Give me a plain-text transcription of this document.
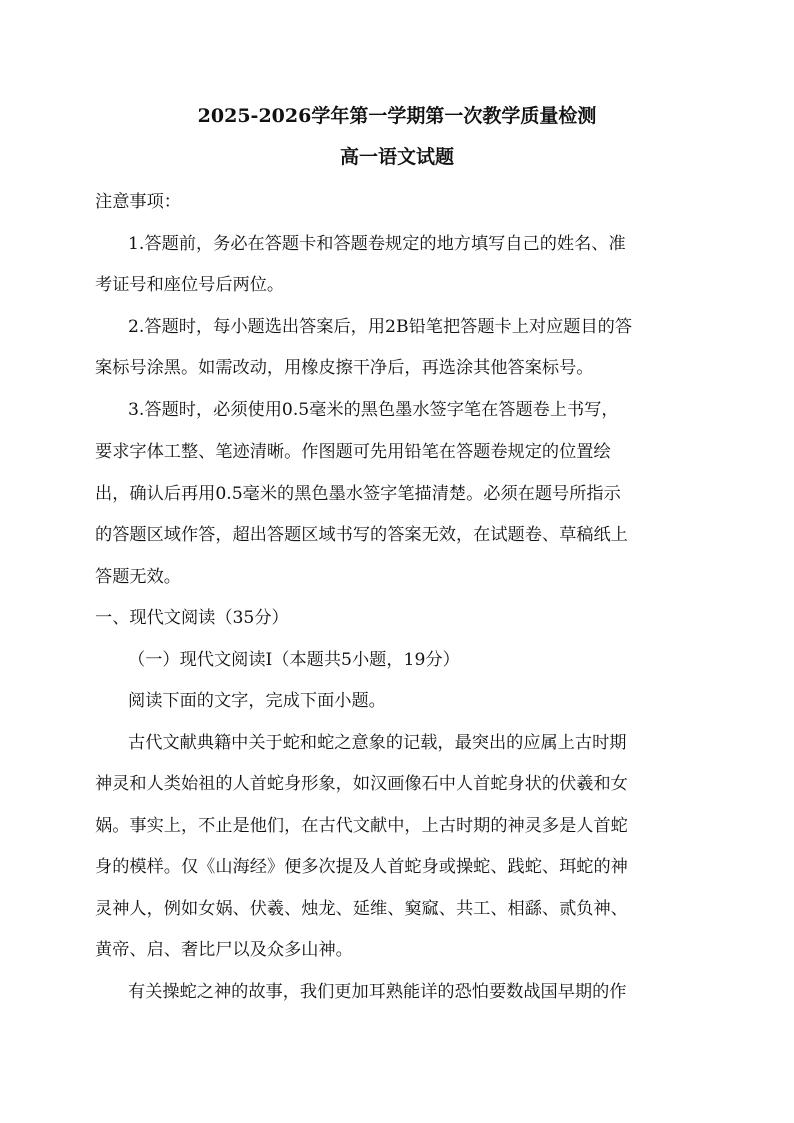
2025-2026学年第一学期第一次教学质量检测
高一语文试题
注意事项：
1.答题前，务必在答题卡和答题卷规定的地方填写自己的姓名、准
考证号和座位号后两位。
2.答题时，每小题选出答案后，用2B铅笔把答题卡上对应题目的答
案标号涂黑。如需改动，用橡皮擦干净后，再选涂其他答案标号。
3.答题时，必须使用0.5毫米的黑色墨水签字笔在答题卷上书写，
要求字体工整、笔迹清晰。作图题可先用铅笔在答题卷规定的位置绘
出，确认后再用0.5毫米的黑色墨水签字笔描清楚。必须在题号所指示
的答题区域作答，超出答题区域书写的答案无效，在试题卷、草稿纸上
答题无效。
一、现代文阅读（35分）
（一）现代文阅读Ⅰ（本题共5小题，19分）
阅读下面的文字，完成下面小题。
古代文献典籍中关于蛇和蛇之意象的记载，最突出的应属上古时期
神灵和人类始祖的人首蛇身形象，如汉画像石中人首蛇身状的伏羲和女
娲。事实上，不止是他们，在古代文献中，上古时期的神灵多是人首蛇
身的模样。仅《山海经》便多次提及人首蛇身或操蛇、践蛇、珥蛇的神
灵神人，例如女娲、伏羲、烛龙、延维、窫窳、共工、相繇、贰负神、
黄帝、启、奢比尸以及众多山神。
有关操蛇之神的故事，我们更加耳熟能详的恐怕要数战国早期的作
